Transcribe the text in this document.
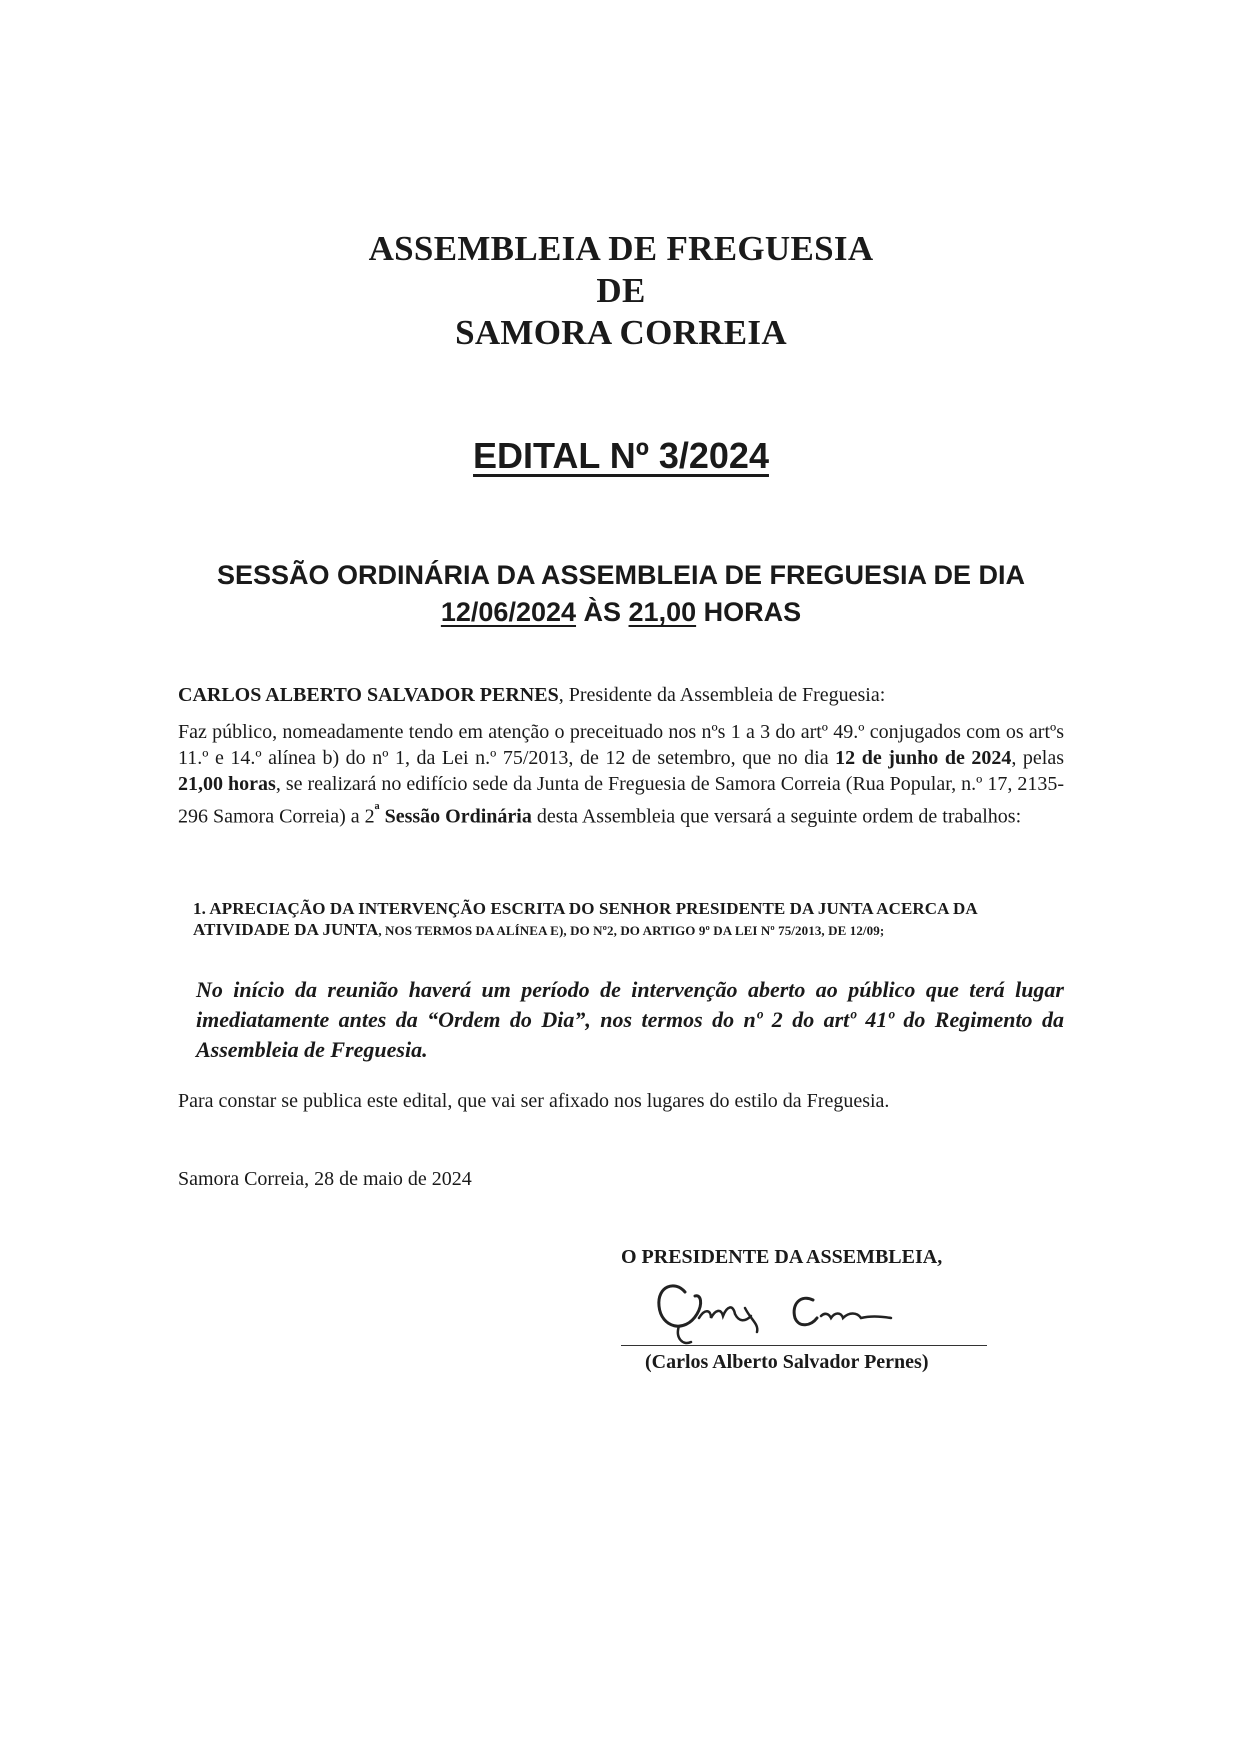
ASSEMBLEIA DE FREGUESIA
DE
SAMORA CORREIA
EDITAL Nº 3/2024
SESSÃO ORDINÁRIA DA ASSEMBLEIA DE FREGUESIA DE DIA
12/06/2024 ÀS 21,00 HORAS
CARLOS ALBERTO SALVADOR PERNES, Presidente da Assembleia de Freguesia:
Faz público, nomeadamente tendo em atenção o preceituado nos nºs 1 a 3 do artº 49.º conjugados com os artºs 11.º e 14.º alínea b) do nº 1, da Lei n.º 75/2013, de 12 de setembro, que no dia 12 de junho de 2024, pelas 21,00 horas, se realizará no edifício sede da Junta de Freguesia de Samora Correia (Rua Popular, n.º 17, 2135-296 Samora Correia) a $2^ª$ Sessão Ordinária desta Assembleia que versará a seguinte ordem de trabalhos:
1. APRECIAÇÃO DA INTERVENÇÃO ESCRITA DO SENHOR PRESIDENTE DA JUNTA ACERCA DA ATIVIDADE DA JUNTA, NOS TERMOS DA ALÍNEA E), DO Nº2, DO ARTIGO 9º DA LEI Nº 75/2013, DE 12/09;
No início da reunião haverá um período de intervenção aberto ao público que terá lugar imediatamente antes da “Ordem do Dia”, nos termos do nº 2 do artº 41º do Regimento da Assembleia de Freguesia.
Para constar se publica este edital, que vai ser afixado nos lugares do estilo da Freguesia.
Samora Correia, 28 de maio de 2024
O PRESIDENTE DA ASSEMBLEIA,
(Carlos Alberto Salvador Pernes)
